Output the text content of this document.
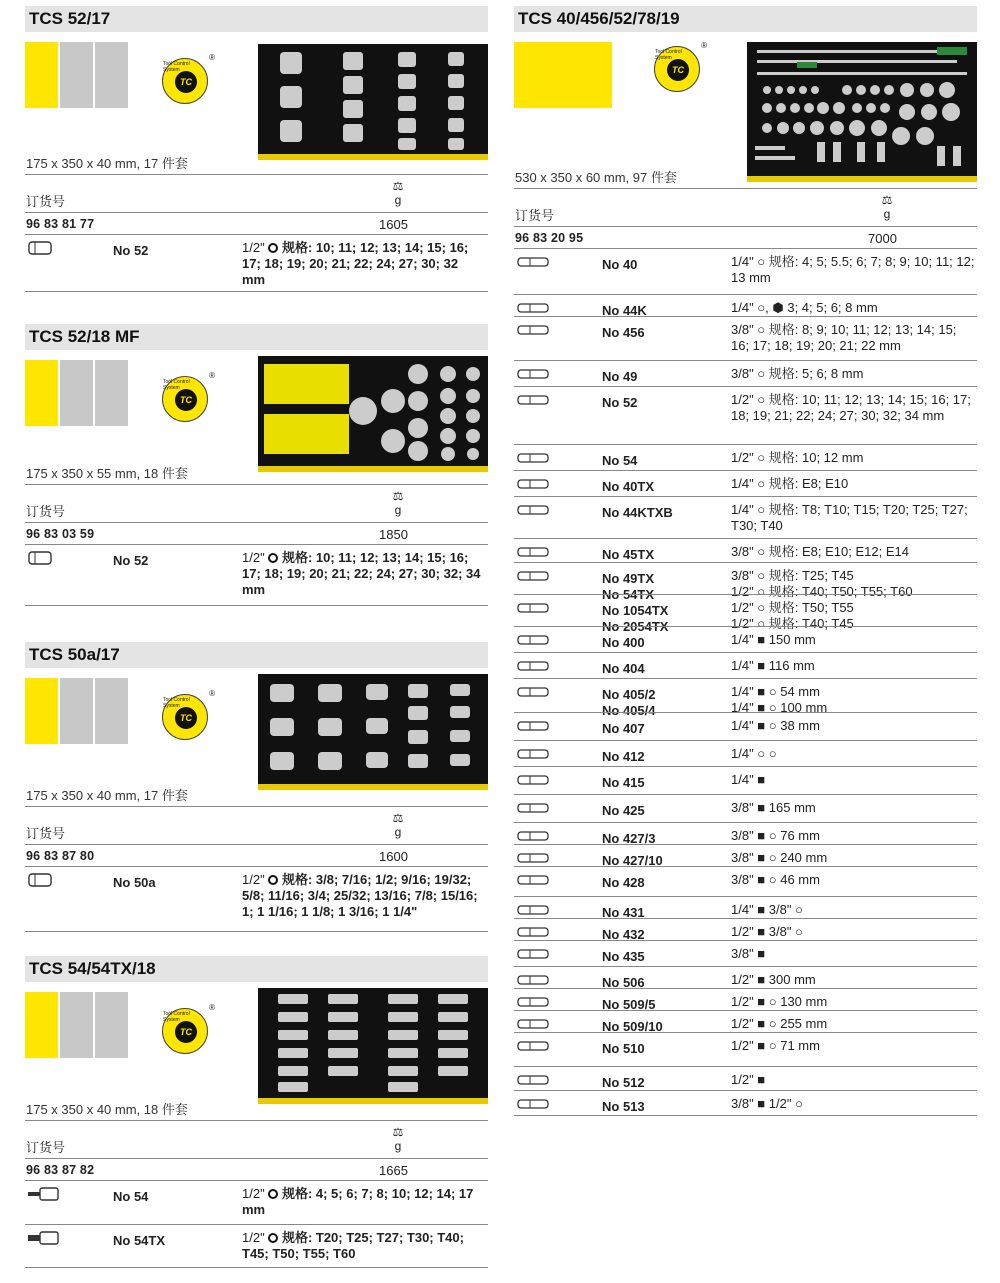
TCS 52/17
Tool Control System
TC
®
175 x 350 x 40 mm, 17 件套
⚖
g
订货号
96 83 81 77	1605
No 52	1/2" 规格: 10; 11; 12; 13; 14; 15; 16; 17; 18; 19; 20; 21; 22; 24; 27; 30; 32 mm
TCS 52/18 MF
Tool Control System
TC
®
175 x 350 x 55 mm, 18 件套
⚖
g
订货号
96 83 03 59	1850
No 52	1/2" 规格: 10; 11; 12; 13; 14; 15; 16; 17; 18; 19; 20; 21; 22; 24; 27; 30; 32; 34 mm
TCS 50a/17
Tool Control System
TC
®
175 x 350 x 40 mm, 17 件套
⚖
g
订货号
96 83 87 80	1600
No 50a	1/2" 规格: 3/8; 7/16; 1/2; 9/16; 19/32; 5/8; 11/16; 3/4; 25/32; 13/16; 7/8; 15/16; 1; 1 1/16; 1 1/8; 1 3/16; 1 1/4"
TCS 54/54TX/18
Tool Control System
TC
®
175 x 350 x 40 mm, 18 件套
⚖
g
订货号
96 83 87 82	1665
No 54	1/2" 规格: 4; 5; 6; 7; 8; 10; 12; 14; 17 mm
No 54TX	1/2" 规格: T20; T25; T27; T30; T40; T45; T50; T55; T60
TCS 40/456/52/78/19
Tool Control System
TC
®
530 x 350 x 60 mm, 97 件套
⚖
g
订货号
96 83 20 95	7000
No 40	1/4" ○ 规格: 4; 5; 5.5; 6; 7; 8; 9; 10; 11; 12; 13 mm
No 44K	1/4" ○, ⬢ 3; 4; 5; 6; 8 mm
No 456	3/8" ○ 规格: 8; 9; 10; 11; 12; 13; 14; 15; 16; 17; 18; 19; 20; 21; 22 mm
No 49	3/8" ○ 规格: 5; 6; 8 mm
No 52	1/2" ○ 规格: 10; 11; 12; 13; 14; 15; 16; 17; 18; 19; 21; 22; 24; 27; 30; 32; 34 mm
No 54	1/2" ○ 规格: 10; 12 mm
No 40TX	1/4" ○ 规格: E8; E10
No 44KTXB	1/4" ○ 规格: T8; T10; T15; T20; T25; T27; T30; T40
No 45TX	3/8" ○ 规格: E8; E10; E12; E14
No 49TX	3/8" ○ 规格: T25; T45
No 54TX	1/2" ○ 规格: T40; T50; T55; T60
No 1054TX	1/2" ○ 规格: T50; T55
No 2054TX	1/2" ○ 规格: T40; T45
No 400	1/4" ■ 150 mm
No 404	1/4" ■ 116 mm
No 405/2	1/4" ■ ○ 54 mm
No 405/4	1/4" ■ ○ 100 mm
No 407	1/4" ■ ○ 38 mm
No 412	1/4" ○ ○
No 415	1/4" ■
No 425	3/8" ■ 165 mm
No 427/3	3/8" ■ ○ 76 mm
No 427/10	3/8" ■ ○ 240 mm
No 428	3/8" ■ ○ 46 mm
No 431	1/4" ■ 3/8" ○
No 432	1/2" ■ 3/8" ○
No 435	3/8" ■
No 506	1/2" ■ 300 mm
No 509/5	1/2" ■ ○ 130 mm
No 509/10	1/2" ■ ○ 255 mm
No 510	1/2" ■ ○ 71 mm
No 512	1/2" ■
No 513	3/8" ■ 1/2" ○
